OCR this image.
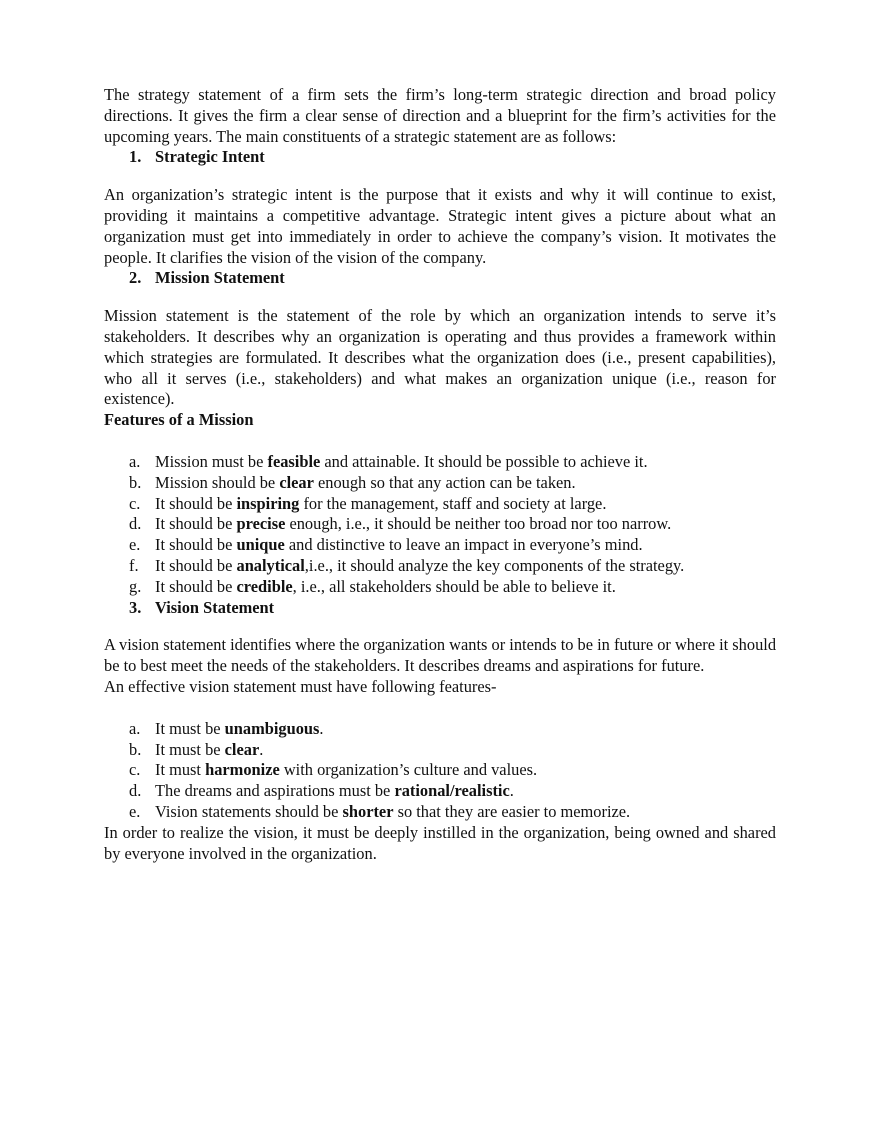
The strategy statement of a firm sets the firm’s long-term strategic direction and broad policy directions. It gives the firm a clear sense of direction and a blueprint for the firm’s activities for the upcoming years. The main constituents of a strategic statement are as follows:

1. Strategic Intent

An organization’s strategic intent is the purpose that it exists and why it will continue to exist, providing it maintains a competitive advantage. Strategic intent gives a picture about what an organization must get into immediately in order to achieve the company’s vision. It motivates the people. It clarifies the vision of the vision of the company.

2. Mission Statement

Mission statement is the statement of the role by which an organization intends to serve it’s stakeholders. It describes why an organization is operating and thus provides a framework within which strategies are formulated. It describes what the organization does (i.e., present capabilities), who all it serves (i.e., stakeholders) and what makes an organization unique (i.e., reason for existence).

Features of a Mission
a. Mission must be feasible and attainable. It should be possible to achieve it.
b. Mission should be clear enough so that any action can be taken.
c. It should be inspiring for the management, staff and society at large.
d. It should be precise enough, i.e., it should be neither too broad nor too narrow.
e. It should be unique and distinctive to leave an impact in everyone’s mind.
f.	It should be analytical,i.e., it should analyze the key components of the strategy.
g. It should be credible, i.e., all stakeholders should be able to believe it.
3. Vision Statement

A vision statement identifies where the organization wants or intends to be in future or where it should be to best meet the needs of the stakeholders. It describes dreams and aspirations for future.

An effective vision statement must have following features-

a. It must be unambiguous.
b. It must be clear.
c. It must harmonize with organization’s culture and values.
d. The dreams and aspirations must be rational/realistic.
e. Vision statements should be shorter so that they are easier to memorize.

In order to realize the vision, it must be deeply instilled in the organization, being owned and shared by everyone involved in the organization.
